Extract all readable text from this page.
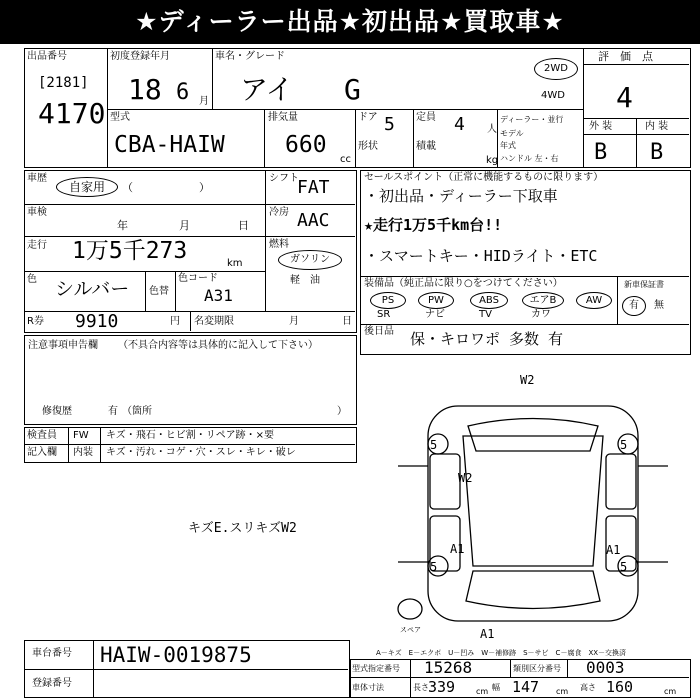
★ディーラー出品★初出品★買取車★
出品番号
[2181]
4170
初度登録年月
18 6 月
車名・グレード
アイ G
2WD
4WD
評　価　点
4
外 装	内 装
B B
型式
CBA-HAIW
排気量
660
cc
ドア 5 定員 4 人
形状	積載
kg
ディーラー・並行
モデル
年式
ハンドル 左・右
車歴
自家用	（　　　　　　）
車検
年	月	日
走行 1万5千273	km
色 シルバー 色替
色コード
A31
シフト
FAT
冷房 AAC
燃料
ガソリン
軽　油
R券 9910	円 名変期限	月	日
セールスポイント（正常に機能するものに限ります）
・初出品・ディーラー下取車
★走行1万5千km台!!
・スマートキー・HIDライト・ETC
装備品（純正品に限り○をつけてください）	新車保証書
PS	PW	ABS	エアB	AW
SR	ナビ	TV	カワ
有	無
後日品 保・キロワポ 多数 有
注意事項申告欄 （不具合内容等は具体的に記入して下さい）
修復歴	有 （箇所	）
検査員
記入欄
FW キズ・飛石・ヒビ割・リペア跡・×要
内装 キズ・汚れ・コゲ・穴・スレ・キレ・破レ
キズE.スリキズW2
W2
W2
5	5
5	5
A1	A1
A1
スペア
A－キズ　E－エクボ　U－凹み　W－補修跡　S－サビ　C－腐食　XX－交換済
車台番号 HAIW-0019875
登録番号
型式指定番号 15268	類別区分番号 0003
車体寸法	長さ 339	cm 幅 147 cm 高さ 160	cm
